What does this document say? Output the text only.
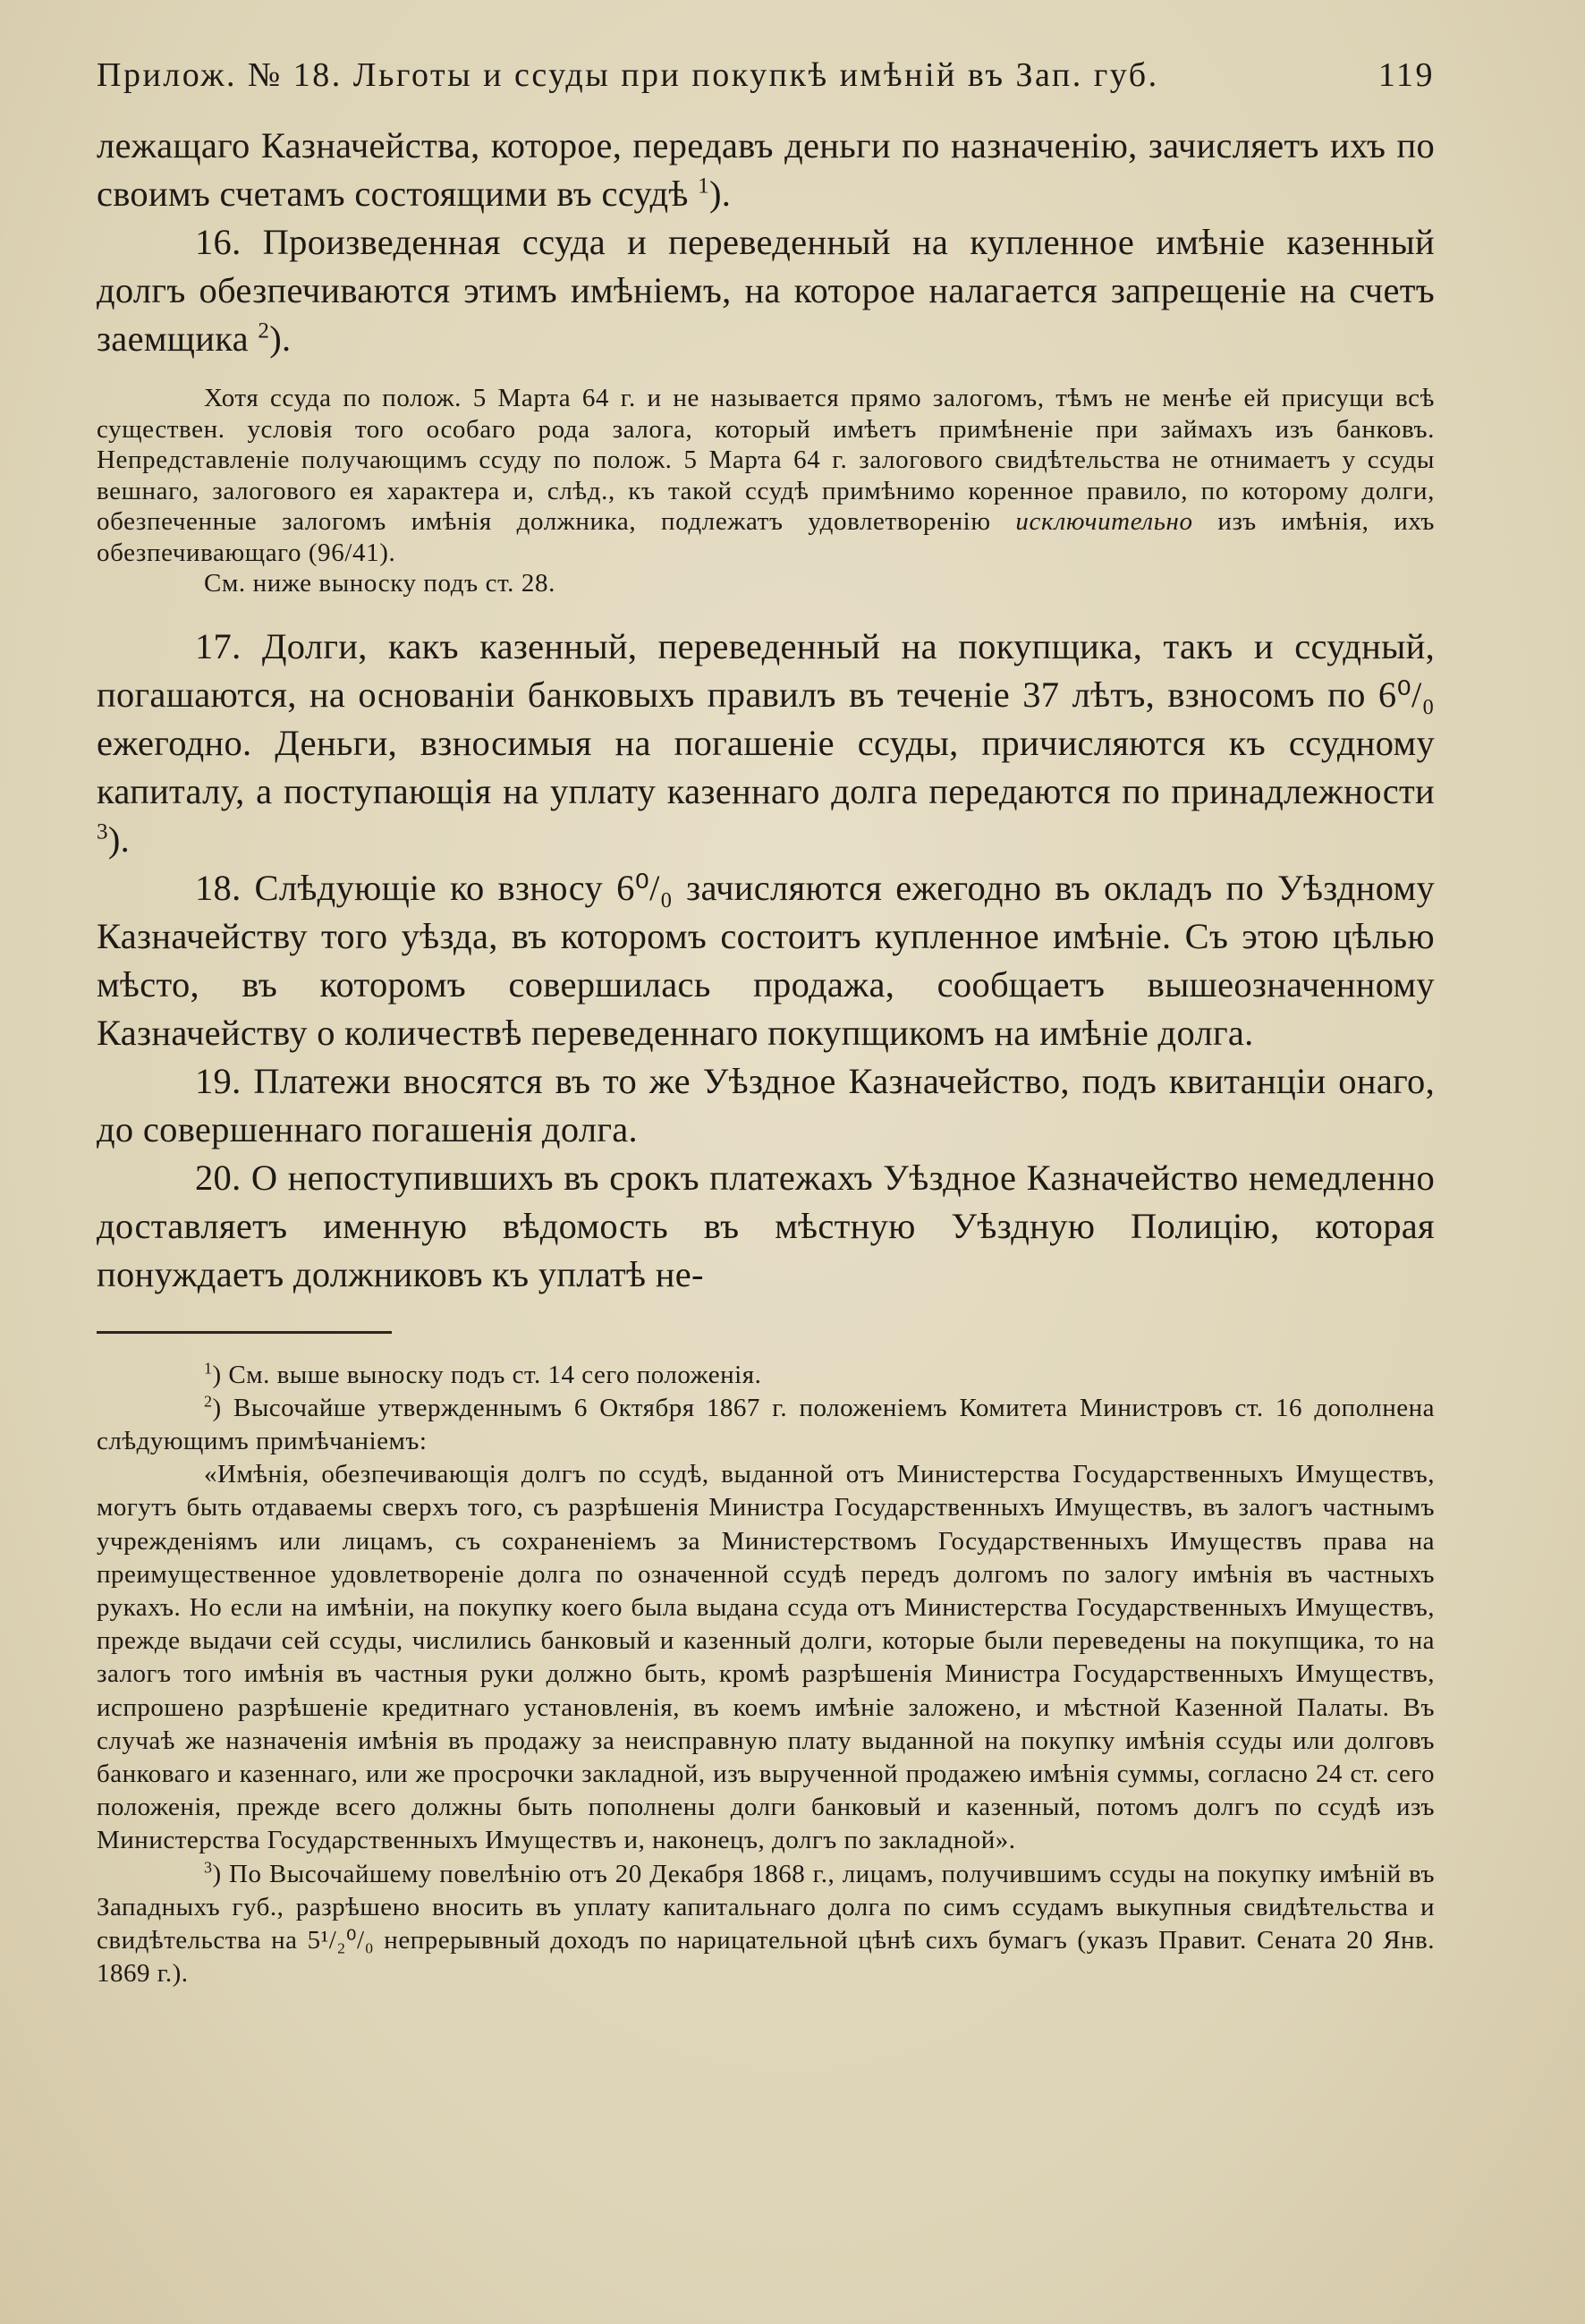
Прилож. № 18. Льготы и ссуды при покупкѣ имѣній въ Зап. губ.	119

лежащаго Казначейства, которое, передавъ деньги по назначенію, зачисляетъ ихъ по своимъ счетамъ состоящими въ ссудѣ $^1$).

16. Произведенная ссуда и переведенный на купленное имѣніе казенный долгъ обезпечиваются этимъ имѣніемъ, на которое налагается запрещеніе на счетъ заемщика $^2$).

Хотя ссуда по полож. 5 Марта 64 г. и не называется прямо залогомъ, тѣмъ не менѣе ей присущи всѣ существен. условія того особаго рода залога, который имѣетъ примѣненіе при займахъ изъ банковъ. Непредставленіе получающимъ ссуду по полож. 5 Марта 64 г. залогового свидѣтельства не отнимаетъ у ссуды вешнаго, залогового ея характера и, слѣд., къ такой ссудѣ примѣнимо коренное правило, по которому долги, обезпеченные залогомъ имѣнія должника, подлежатъ удовлетворенію исключительно изъ имѣнія, ихъ обезпечивающаго (96/41).

См. ниже выноску подъ ст. 28.

17. Долги, какъ казенный, переведенный на покупщика, такъ и ссудный, погашаются, на основаніи банковыхъ правилъ въ теченіе 37 лѣтъ, взносомъ по 6⁰/₀ ежегодно. Деньги, взносимыя на погашеніе ссуды, причисляются къ ссудному капиталу, а поступающія на уплату казеннаго долга передаются по принадлежности $^3$).

18. Слѣдующіе ко взносу 6⁰/₀ зачисляются ежегодно въ окладъ по Уѣздному Казначейству того уѣзда, въ которомъ состоитъ купленное имѣніе. Съ этою цѣлью мѣсто, въ которомъ совершилась продажа, сообщаетъ вышеозначенному Казначейству о количествѣ переведеннаго покупщикомъ на имѣніе долга.

19. Платежи вносятся въ то же Уѣздное Казначейство, подъ квитанціи онаго, до совершеннаго погашенія долга.

20. О непоступившихъ въ срокъ платежахъ Уѣздное Казначейство немедленно доставляетъ именную вѣдомость въ мѣстную Уѣздную Полицію, которая понуждаетъ должниковъ къ уплатѣ не-

$^1$) См. выше выноску подъ ст. 14 сего положенія.

$^2$) Высочайше утвержденнымъ 6 Октября 1867 г. положеніемъ Комитета Министровъ ст. 16 дополнена слѣдующимъ примѣчаніемъ:

«Имѣнія, обезпечивающія долгъ по ссудѣ, выданной отъ Министерства Государственныхъ Имуществъ, могутъ быть отдаваемы сверхъ того, съ разрѣшенія Министра Государственныхъ Имуществъ, въ залогъ частнымъ учрежденіямъ или лицамъ, съ сохраненіемъ за Министерствомъ Государственныхъ Имуществъ права на преимущественное удовлетвореніе долга по означенной ссудѣ передъ долгомъ по залогу имѣнія въ частныхъ рукахъ. Но если на имѣніи, на покупку коего была выдана ссуда отъ Министерства Государственныхъ Имуществъ, прежде выдачи сей ссуды, числились банковый и казенный долги, которые были переведены на покупщика, то на залогъ того имѣнія въ частныя руки должно быть, кромѣ разрѣшенія Министра Государственныхъ Имуществъ, испрошено разрѣшеніе кредитнаго установленія, въ коемъ имѣніе заложено, и мѣстной Казенной Палаты. Въ случаѣ же назначенія имѣнія въ продажу за неисправную плату выданной на покупку имѣнія ссуды или долговъ банковаго и казеннаго, или же просрочки закладной, изъ вырученной продажею имѣнія суммы, согласно 24 ст. сего положенія, прежде всего должны быть пополнены долги банковый и казенный, потомъ долгъ по ссудѣ изъ Министерства Государственныхъ Имуществъ и, наконецъ, долгъ по закладной».

$^3$) По Высочайшему повелѣнію отъ 20 Декабря 1868 г., лицамъ, получившимъ ссуды на покупку имѣній въ Западныхъ губ., разрѣшено вносить въ уплату капитальнаго долга по симъ ссудамъ выкупныя свидѣтельства и свидѣтельства на 5¹/₂⁰/₀ непрерывный доходъ по нарицательной цѣнѣ сихъ бумагъ (указъ Правит. Сената 20 Янв. 1869 г.).
